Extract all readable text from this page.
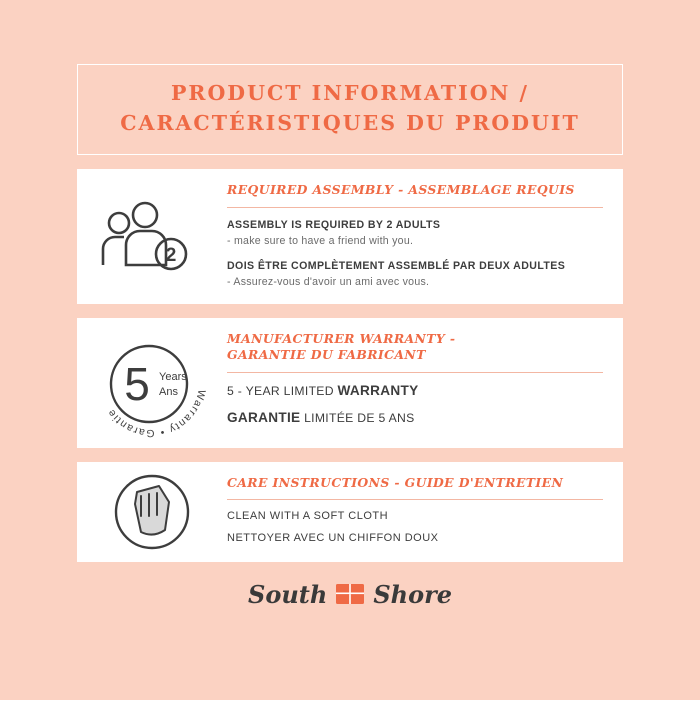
PRODUCT INFORMATION /
CARACTÉRISTIQUES DU PRODUIT
2
REQUIRED ASSEMBLY - ASSEMBLAGE REQUIS
ASSEMBLY IS REQUIRED BY 2 ADULTS
- make sure to have a friend with you.
DOIS ÊTRE COMPLÈTEMENT ASSEMBLÉ PAR DEUX ADULTES
- Assurez-vous d'avoir un ami avec vous.
5 Years
Ans	Warranty • Garantie
MANUFACTURER WARRANTY -
GARANTIE DU FABRICANT
5 - YEAR LIMITED WARRANTY
GARANTIE LIMITÉE DE 5 ANS
CARE INSTRUCTIONS - GUIDE D'ENTRETIEN
CLEAN WITH A SOFT CLOTH
NETTOYER AVEC UN CHIFFON DOUX
South Shore
